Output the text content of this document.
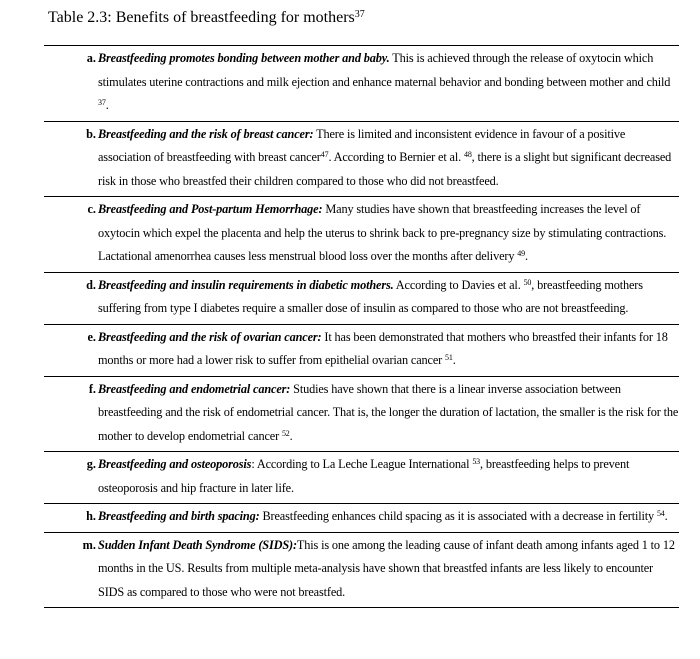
Table 2.3: Benefits of breastfeeding for mothers$^{37}$
a. Breastfeeding promotes bonding between mother and baby. This is achieved through the release of oxytocin which stimulates uterine contractions and milk ejection and enhance maternal behavior and bonding between mother and child $^{37}$.
b. Breastfeeding and the risk of breast cancer: There is limited and inconsistent evidence in favour of a positive association of breastfeeding with breast cancer$^{47}$. According to Bernier et al. $^{48}$, there is a slight but significant decreased risk in those who breastfed their children compared to those who did not breastfeed.
c. Breastfeeding and Post-partum Hemorrhage: Many studies have shown that breastfeeding increases the level of oxytocin which expel the placenta and help the uterus to shrink back to pre-pregnancy size by stimulating contractions. Lactational amenorrhea causes less menstrual blood loss over the months after delivery $^{49}$.
d. Breastfeeding and insulin requirements in diabetic mothers. According to Davies et al. $^{50}$, breastfeeding mothers suffering from type I diabetes require a smaller dose of insulin as compared to those who are not breastfeeding.
e. Breastfeeding and the risk of ovarian cancer: It has been demonstrated that mothers who breastfed their infants for 18 months or more had a lower risk to suffer from epithelial ovarian cancer $^{51}$.
f. Breastfeeding and endometrial cancer: Studies have shown that there is a linear inverse association between breastfeeding and the risk of endometrial cancer. That is, the longer the duration of lactation, the smaller is the risk for the mother to develop endometrial cancer $^{52}$.
g. Breastfeeding and osteoporosis: According to La Leche League International $^{53}$, breastfeeding helps to prevent osteoporosis and hip fracture in later life.
h. Breastfeeding and birth spacing: Breastfeeding enhances child spacing as it is associated with a decrease in fertility $^{54}$.
m. Sudden Infant Death Syndrome (SIDS):This is one among the leading cause of infant death among infants aged 1 to 12 months in the US. Results from multiple meta-analysis have shown that breastfed infants are less likely to encounter SIDS as compared to those who were not breastfed.
